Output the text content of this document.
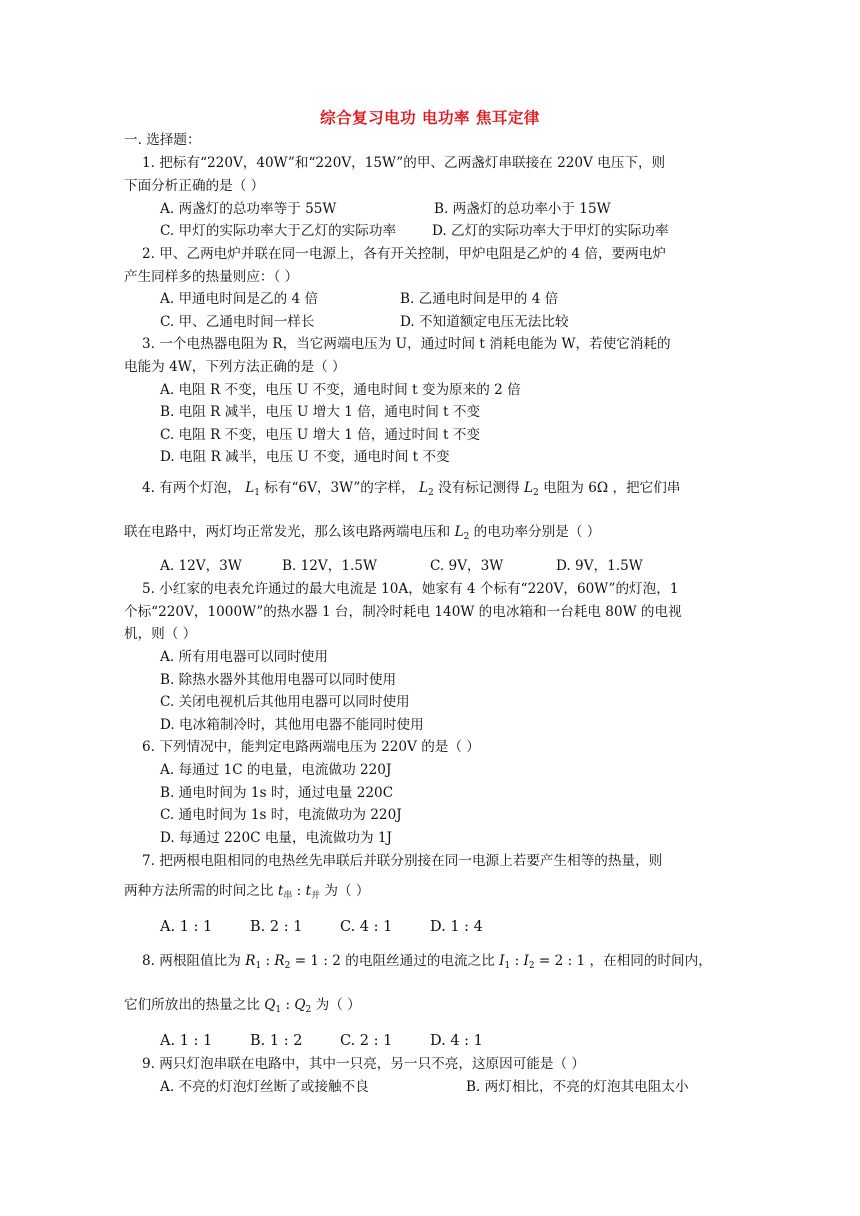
综合复习电功 电功率 焦耳定律
一. 选择题：
1. 把标有“220V，40W”和“220V，15W”的甲、乙两盏灯串联接在 220V 电压下，则
下面分析正确的是（ ）
A. 两盏灯的总功率等于 55W	B. 两盏灯的总功率小于 15W
C. 甲灯的实际功率大于乙灯的实际功率	D. 乙灯的实际功率大于甲灯的实际功率
2. 甲、乙两电炉并联在同一电源上，各有开关控制，甲炉电阻是乙炉的 4 倍，要两电炉
产生同样多的热量则应：（ ）
A. 甲通电时间是乙的 4 倍	B. 乙通电时间是甲的 4 倍
C. 甲、乙通电时间一样长	D. 不知道额定电压无法比较
3. 一个电热器电阻为 R，当它两端电压为 U，通过时间 t 消耗电能为 W，若使它消耗的
电能为 4W，下列方法正确的是（ ）
A. 电阻 R 不变，电压 U 不变，通电时间 t 变为原来的 2 倍
B. 电阻 R 减半，电压 U 增大 1 倍，通电时间 t 不变
C. 电阻 R 不变，电压 U 增大 1 倍，通过时间 t 不变
D. 电阻 R 减半，电压 U 不变，通电时间 t 不变
4. 有两个灯泡， $L_1$ 标有“6V，3W”的字样， $L_2$ 没有标记测得 $L_2$ 电阻为 6Ω ，把它们串
联在电路中，两灯均正常发光，那么该电路两端电压和 $L_2$ 的电功率分别是（ ）
A. 12V，3W	B. 12V，1.5W	C. 9V，3W	D. 9V，1.5W
5. 小红家的电表允许通过的最大电流是 10A，她家有 4 个标有“220V，60W”的灯泡，1
个标“220V，1000W”的热水器 1 台，制冷时耗电 140W 的电冰箱和一台耗电 80W 的电视
机，则（ ）
A. 所有用电器可以同时使用
B. 除热水器外其他用电器可以同时使用
C. 关闭电视机后其他用电器可以同时使用
D. 电冰箱制冷时，其他用电器不能同时使用
6. 下列情况中，能判定电路两端电压为 220V 的是（ ）
A. 每通过 1C 的电量，电流做功 220J
B. 通电时间为 1s 时，通过电量 220C
C. 通电时间为 1s 时，电流做功为 220J
D. 每通过 220C 电量，电流做功为 1J
7. 把两根电阻相同的电热丝先串联后并联分别接在同一电源上若要产生相等的热量，则
两种方法所需的时间之比 $t_串$ : $t_并$ 为（ ）
A. 1 : 1	B. 2 : 1	C. 4 : 1	D. 1 : 4
8. 两根阻值比为 $R_1$ : $R_2 = 1$ : 2 的电阻丝通过的电流之比 $I_1$ : $I_2 = 2$ : 1 ，在相同的时间内，
它们所放出的热量之比 $Q_1$ : $Q_2$ 为（ ）
A. 1 : 1	B. 1 : 2	C. 2 : 1	D. 4 : 1
9. 两只灯泡串联在电路中，其中一只亮，另一只不亮，这原因可能是（ ）
A. 不亮的灯泡灯丝断了或接触不良	B. 两灯相比，不亮的灯泡其电阻太小
